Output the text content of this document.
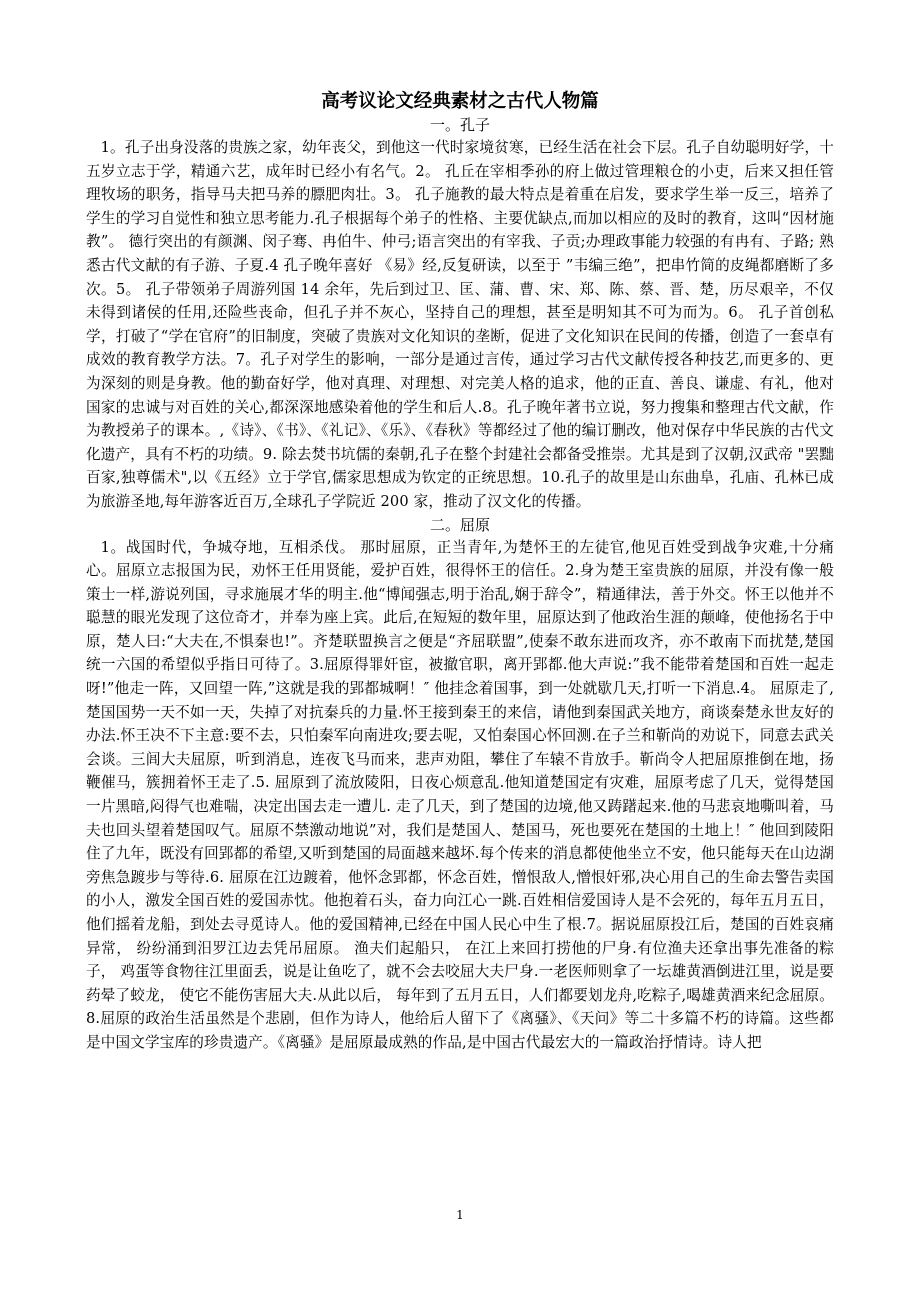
高考议论文经典素材之古代人物篇
一。孔子

1。孔子出身没落的贵族之家，幼年丧父，到他这一代时家境贫寒，已经生活在社会下层。孔子自幼聪明好学，十五岁立志于学，精通六艺，成年时已经小有名气。2。 孔丘在宰相季孙的府上做过管理粮仓的小吏，后来又担任管理牧场的职务，指导马夫把马养的膘肥肉壮。3。 孔子施教的最大特点是着重在启发，要求学生举一反三，培养了学生的学习自觉性和独立思考能力.孔子根据每个弟子的性格、主要优缺点,而加以相应的及时的教育，这叫“因材施教”。 德行突出的有颜渊、闵子骞、冉伯牛、仲弓;语言突出的有宰我、子贡;办理政事能力较强的有冉有、子路; 熟悉古代文献的有子游、子夏.4 孔子晚年喜好 《易》经,反复研读，以至于 ”韦编三绝”，把串竹简的皮绳都磨断了多次。5。 孔子带领弟子周游列国 14 余年，先后到过卫、匡、蒲、曹、宋、郑、陈、蔡、晋、楚，历尽艰辛，不仅未得到诸侯的任用,还险些丧命，但孔子并不灰心，坚持自己的理想，甚至是明知其不可为而为。6。 孔子首创私学，打破了“学在官府”的旧制度，突破了贵族对文化知识的垄断，促进了文化知识在民间的传播，创造了一套卓有成效的教育教学方法。7。孔子对学生的影响，一部分是通过言传，通过学习古代文献传授各种技艺,而更多的、更为深刻的则是身教。他的勤奋好学，他对真理、对理想、对完美人格的追求，他的正直、善良、谦虚、有礼，他对国家的忠诚与对百姓的关心,都深深地感染着他的学生和后人.8。孔子晚年著书立说，努力搜集和整理古代文献，作为教授弟子的课本。,《诗》、《书》、《礼记》、《乐》、《春秋》等都经过了他的编订删改，他对保存中华民族的古代文化遗产，具有不朽的功绩。9. 除去焚书坑儒的秦朝,孔子在整个封建社会都备受推崇。尤其是到了汉朝,汉武帝 "罢黜百家,独尊儒术",以《五经》立于学官,儒家思想成为钦定的正统思想。10.孔子的故里是山东曲阜，孔庙、孔林已成为旅游圣地,每年游客近百万,全球孔子学院近 200 家，推动了汉文化的传播。

二。屈原

1。战国时代，争城夺地，互相杀伐。 那时屈原，正当青年,为楚怀王的左徒官,他见百姓受到战争灾难,十分痛心。屈原立志报国为民，劝怀王任用贤能，爱护百姓，很得怀王的信任。2.身为楚王室贵族的屈原，并没有像一般策士一样,游说列国，寻求施展才华的明主.他“博闻强志,明于治乱,娴于辞令”，精通律法，善于外交。怀王以他并不聪慧的眼光发现了这位奇才，并奉为座上宾。此后,在短短的数年里，屈原达到了他政治生涯的颠峰，使他扬名于中原，楚人曰:“大夫在,不惧秦也!”。齐楚联盟换言之便是“齐屈联盟”,使秦不敢东进而攻齐，亦不敢南下而扰楚,楚国统一六国的希望似乎指日可待了。3.屈原得罪奸宦，被撤官职，离开郢都.他大声说:”我不能带着楚国和百姓一起走呀!”他走一阵，又回望一阵,”这就是我的郢都城啊！″ 他挂念着国事，到一处就歇几天,打听一下消息.4。 屈原走了,楚国国势一天不如一天，失掉了对抗秦兵的力量.怀王接到秦王的来信，请他到秦国武关地方，商谈秦楚永世友好的办法.怀王决不下主意:要不去，只怕秦军向南进攻;要去呢，又怕秦国心怀回测.在子兰和靳尚的劝说下，同意去武关会谈。三闾大夫屈原，听到消息，连夜飞马而来，悲声劝阻，攀住了车辕不肯放手。靳尚令人把屈原推倒在地，扬鞭催马，簇拥着怀王走了.5. 屈原到了流放陵阳，日夜心烦意乱.他知道楚国定有灾难，屈原考虑了几天，觉得楚国一片黑暗,闷得气也难喘，决定出国去走一遭儿. 走了几天，到了楚国的边境,他又踌躇起来.他的马悲哀地嘶叫着，马夫也回头望着楚国叹气。屈原不禁激动地说”对，我们是楚国人、楚国马，死也要死在楚国的土地上！″ 他回到陵阳住了九年，既没有回郢都的希望,又听到楚国的局面越来越坏.每个传来的消息都使他坐立不安，他只能每天在山边湖旁焦急踱步与等待.6. 屈原在江边踱着，他怀念郢都，怀念百姓，憎恨敌人,憎恨奸邪,决心用自己的生命去警告卖国的小人，激发全国百姓的爱国赤忱。他抱着石头，奋力向江心一跳.百姓相信爱国诗人是不会死的，每年五月五日，他们摇着龙船，到处去寻觅诗人。他的爱国精神,已经在中国人民心中生了根.7。据说屈原投江后，楚国的百姓哀痛异常， 纷纷涌到汨罗江边去凭吊屈原。 渔夫们起船只， 在江上来回打捞他的尸身.有位渔夫还拿出事先准备的粽子， 鸡蛋等食物往江里面丢，说是让鱼吃了，就不会去咬屈大夫尸身.一老医师则拿了一坛雄黄酒倒进江里，说是要药晕了蛟龙， 使它不能伤害屈大夫.从此以后， 每年到了五月五日，人们都要划龙舟,吃粽子,喝雄黄酒来纪念屈原。 8.屈原的政治生活虽然是个悲剧，但作为诗人，他给后人留下了《离骚》、《天问》等二十多篇不朽的诗篇。这些都是中国文学宝库的珍贵遗产。《离骚》是屈原最成熟的作品,是中国古代最宏大的一篇政治抒情诗。诗人把

1
